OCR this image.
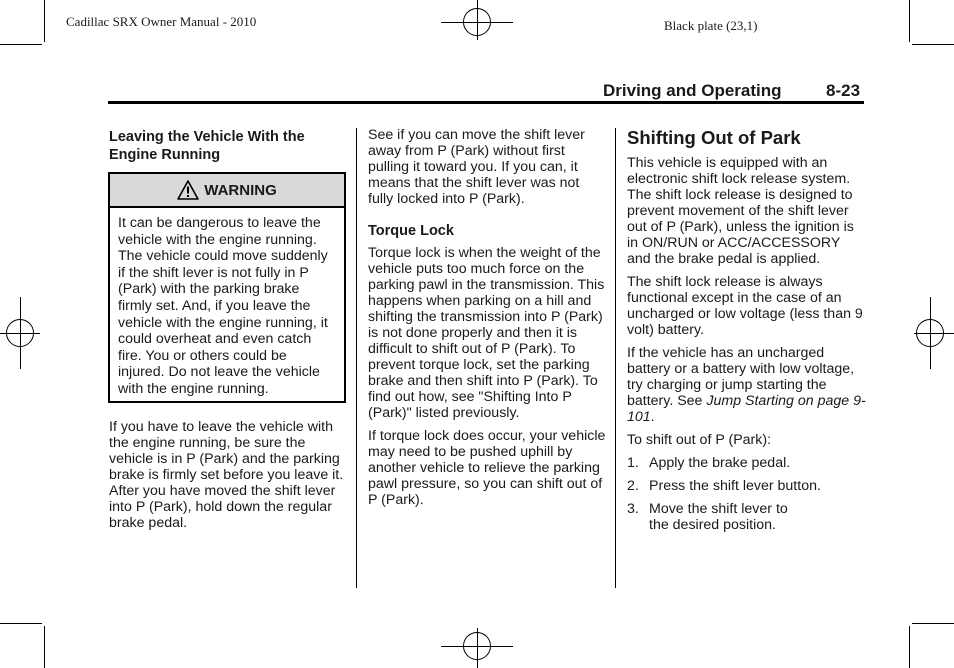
Cadillac SRX Owner Manual - 2010	Black plate (23,1)
Driving and Operating	8-23
Leaving the Vehicle With the Engine Running
WARNING
It can be dangerous to leave the vehicle with the engine running. The vehicle could move suddenly if the shift lever is not fully in P (Park) with the parking brake firmly set. And, if you leave the vehicle with the engine running, it could overheat and even catch fire. You or others could be injured. Do not leave the vehicle with the engine running.

If you have to leave the vehicle with the engine running, be sure the vehicle is in P (Park) and the parking brake is firmly set before you leave it. After you have moved the shift lever into P (Park), hold down the regular brake pedal.

See if you can move the shift lever away from P (Park) without first pulling it toward you. If you can, it means that the shift lever was not fully locked into P (Park).

Torque Lock

Torque lock is when the weight of the vehicle puts too much force on the parking pawl in the transmission. This happens when parking on a hill and shifting the transmission into P (Park) is not done properly and then it is difficult to shift out of P (Park). To prevent torque lock, set the parking brake and then shift into P (Park). To find out how, see "Shifting Into P (Park)" listed previously.

If torque lock does occur, your vehicle may need to be pushed uphill by another vehicle to relieve the parking pawl pressure, so you can shift out of P (Park).

Shifting Out of Park

This vehicle is equipped with an electronic shift lock release system. The shift lock release is designed to prevent movement of the shift lever out of P (Park), unless the ignition is in ON/RUN or ACC/ACCESSORY and the brake pedal is applied.

The shift lock release is always functional except in the case of an uncharged or low voltage (less than 9 volt) battery.

If the vehicle has an uncharged battery or a battery with low voltage, try charging or jump starting the battery. See Jump Starting on page 9-101.

To shift out of P (Park):

1. Apply the brake pedal.
2. Press the shift lever button.
3. Move the shift lever to the desired position.
